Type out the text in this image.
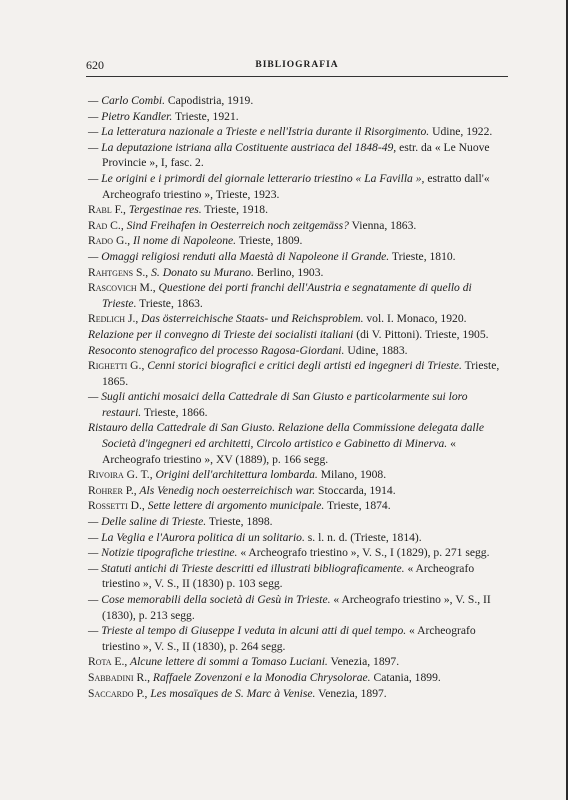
620	BIBLIOGRAFIA

— Carlo Combi. Capodistria, 1919.

— Pietro Kandler. Trieste, 1921.

— La letteratura nazionale a Trieste e nell'Istria durante il Risorgimento. Udine, 1922.

— La deputazione istriana alla Costituente austriaca del 1848-49, estr. da « Le Nuove Provincie », I, fasc. 2.

— Le origini e i primordi del giornale letterario triestino « La Favilla », estratto dall'« Archeografo triestino », Trieste, 1923.

Rabl F., Tergestinae res. Trieste, 1918.

Rad C., Sind Freihafen in Oesterreich noch zeitgemäss? Vienna, 1863.

Rado G., Il nome di Napoleone. Trieste, 1809.

— Omaggi religiosi renduti alla Maestà di Napoleone il Grande. Trieste, 1810.

Rahtgens S., S. Donato su Murano. Berlino, 1903.

Rascovich M., Questione dei porti franchi dell'Austria e segnatamente di quello di Trieste. Trieste, 1863.

Redlich J., Das österreichische Staats- und Reichsproblem. vol. I. Monaco, 1920.

Relazione per il convegno di Trieste dei socialisti italiani (di V. Pittoni). Trieste, 1905.

Resoconto stenografico del processo Ragosa-Giordani. Udine, 1883.

Righetti G., Cenni storici biografici e critici degli artisti ed ingegneri di Trieste. Trieste, 1865.

— Sugli antichi mosaici della Cattedrale di San Giusto e particolarmente sui loro restauri. Trieste, 1866.

Ristauro della Cattedrale di San Giusto. Relazione della Commissione delegata dalle Società d'ingegneri ed architetti, Circolo artistico e Gabinetto di Minerva. « Archeografo triestino », XV (1889), p. 166 segg.

Rivoira G. T., Origini dell'architettura lombarda. Milano, 1908.

Rohrer P., Als Venedig noch oesterreichisch war. Stoccarda, 1914.

Rossetti D., Sette lettere di argomento municipale. Trieste, 1874.

— Delle saline di Trieste. Trieste, 1898.

— La Veglia e l'Aurora politica di un solitario. s. l. n. d. (Trieste, 1814).

— Notizie tipografiche triestine. « Archeografo triestino », V. S., I (1829), p. 271 segg.

— Statuti antichi di Trieste descritti ed illustrati bibliograficamente. « Archeografo triestino », V. S., II (1830) p. 103 segg.

— Cose memorabili della società di Gesù in Trieste. « Archeografo triestino », V. S., II (1830), p. 213 segg.

— Trieste al tempo di Giuseppe I veduta in alcuni atti di quel tempo. « Archeografo triestino », V. S., II (1830), p. 264 segg.

Rota E., Alcune lettere di sommi a Tomaso Luciani. Venezia, 1897.

Sabbadini R., Raffaele Zovenzoni e la Monodia Chrysolorae. Catania, 1899.

Saccardo P., Les mosaïques de S. Marc à Venise. Venezia, 1897.
